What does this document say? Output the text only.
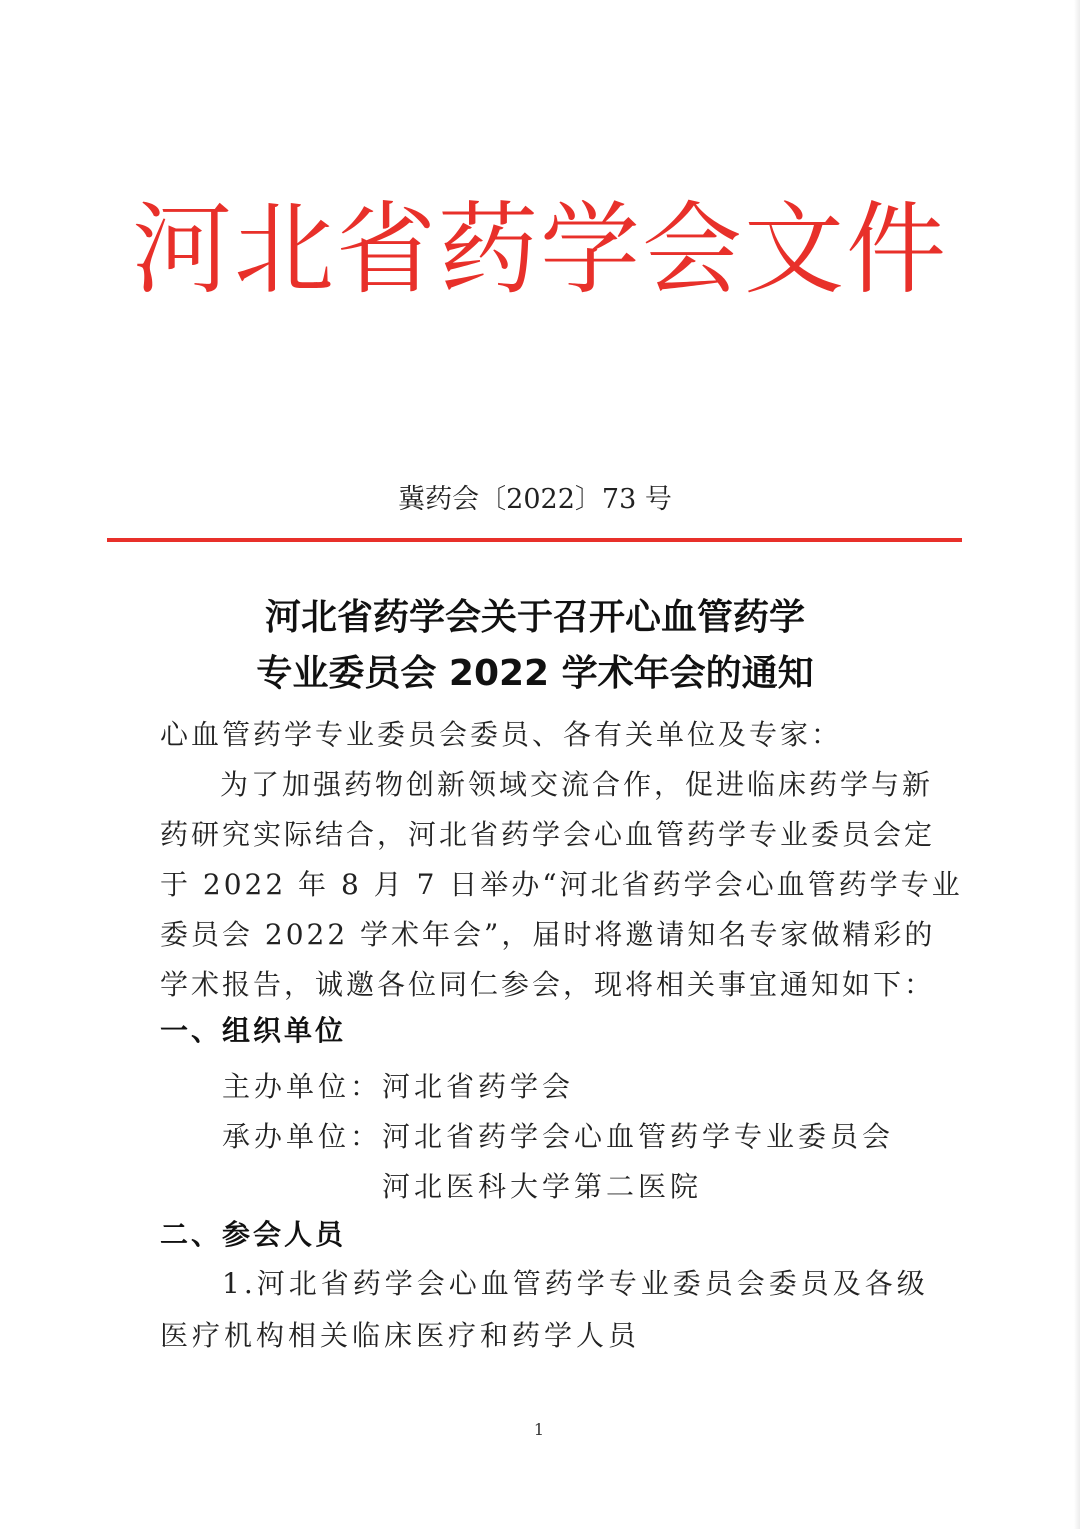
河北省药学会文件
冀药会〔2022〕73 号
河北省药学会关于召开心血管药学
专业委员会 2022 学术年会的通知
心血管药学专业委员会委员、各有关单位及专家：
为了加强药物创新领域交流合作，促进临床药学与新
药研究实际结合，河北省药学会心血管药学专业委员会定
于 2022 年 8 月 7 日举办“河北省药学会心血管药学专业
委员会 2022 学术年会”，届时将邀请知名专家做精彩的
学术报告，诚邀各位同仁参会，现将相关事宜通知如下：
一、组织单位
主办单位：河北省药学会
承办单位：河北省药学会心血管药学专业委员会
河北医科大学第二医院
二、参会人员
1.河北省药学会心血管药学专业委员会委员及各级
医疗机构相关临床医疗和药学人员
1
